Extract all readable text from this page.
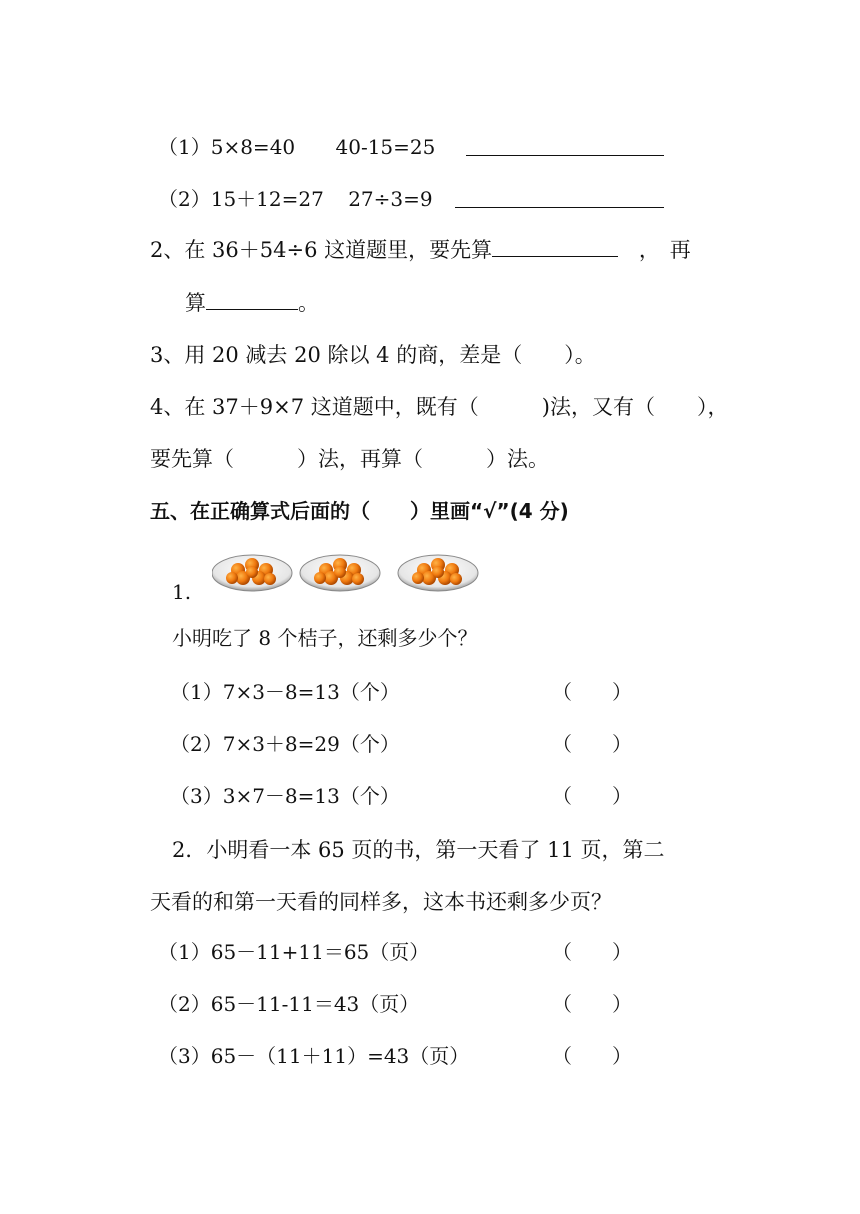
（1）5×8=40 40-15=25
（2）15＋12=27 27÷3=9
2、在 36＋54÷6 这道题里，要先算	，再
算	。
3、用 20 减去 20 除以 4 的商，差是（　　）。
4、在 37＋9×7 这道题中，既有（　　　)法，又有（　　），
要先算（　　　）法，再算（　　　）法。
五、在正确算式后面的（　　）里画“√”(4 分)
1.
小明吃了 8 个桔子，还剩多少个？
（1）7×3－8=13（个）	（　　）
（2）7×3＋8=29（个）	（　　）
（3）3×7－8=13（个）	（　　）
2．小明看一本 65 页的书，第一天看了 11 页，第二
天看的和第一天看的同样多，这本书还剩多少页？
（1）65－11+11＝65（页）	（　　）
（2）65－11-11＝43（页）	（　　）
（3）65－（11＋11）=43（页）	（　　）
